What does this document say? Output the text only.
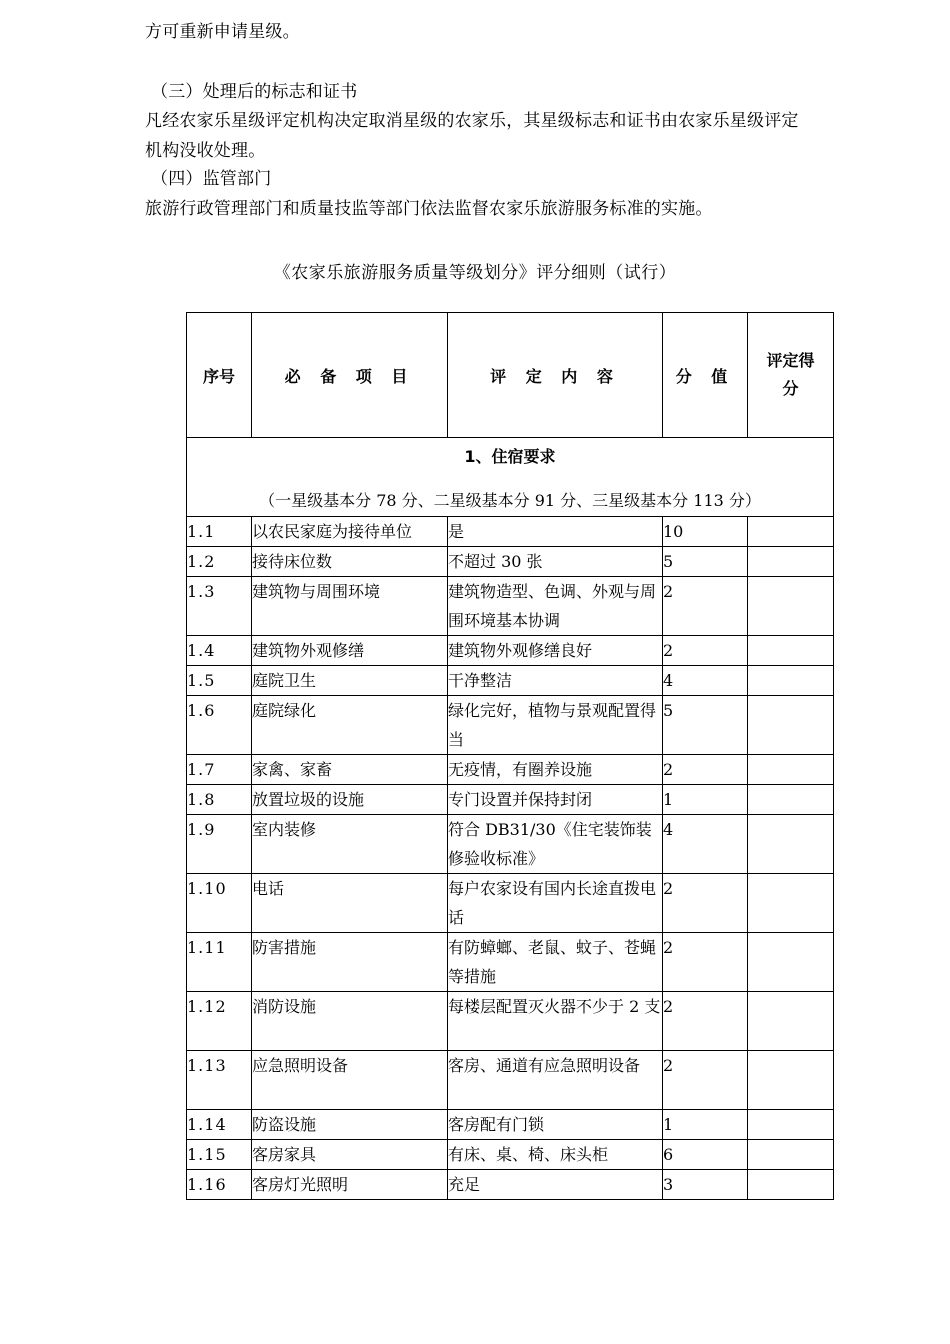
方可重新申请星级。
（三）处理后的标志和证书
凡经农家乐星级评定机构决定取消星级的农家乐，其星级标志和证书由农家乐星级评定
机构没收处理。
（四）监管部门
旅游行政管理部门和质量技监等部门依法监督农家乐旅游服务标准的实施。
《农家乐旅游服务质量等级划分》评分细则（试行）
序号	必 备 项 目	评 定 内 容	分 值	评定得
分

1、住宿要求
（一星级基本分 78 分、二星级基本分 91 分、三星级基本分 113 分）				

1.1	以农民家庭为接待单位	是	10	
1.2	接待床位数	不超过 30 张	5	
1.3	建筑物与周围环境	建筑物造型、色调、外观与周围环境基本协调	2	
1.4	建筑物外观修缮	建筑物外观修缮良好	2	
1.5	庭院卫生	干净整洁	4	
1.6	庭院绿化	绿化完好，植物与景观配置得当	5	
1.7	家禽、家畜	无疫情，有圈养设施	2	
1.8	放置垃圾的设施	专门设置并保持封闭	1	
1.9	室内装修	符合 DB31/30《住宅装饰装修验收标准》	4	
1.10	电话	每户农家设有国内长途直拨电话	2	
1.11	防害措施	有防蟑螂、老鼠、蚊子、苍蝇等措施	2	
1.12	消防设施	每楼层配置灭火器不少于 2 支	2	
1.13	应急照明设备	客房、通道有应急照明设备	2	
1.14	防盗设施	客房配有门锁	1	
1.15	客房家具	有床、桌、椅、床头柜	6	
1.16	客房灯光照明	充足	3	
